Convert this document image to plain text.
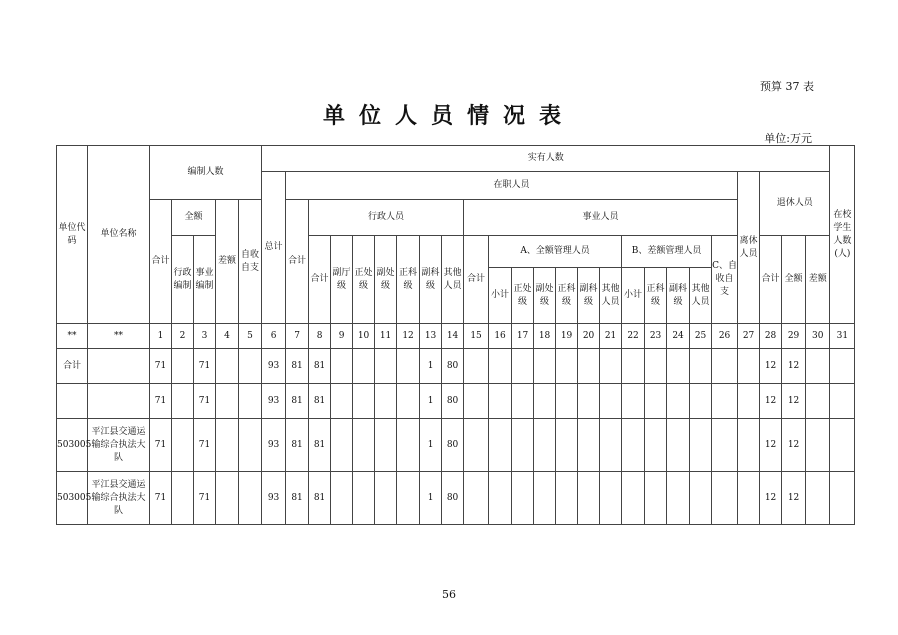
预算 37 表
单位人员情况表
单位:万元
单位代码	单位名称	编制人数					实有人数																									在校学生人数(人)
							总计	在职人员																				离休人员	退休人员			
		合计	全额		差额	自收自支		合计	行政人员							事业人员																
			行政编制	事业编制					合计	副厅级	正处级	副处级	正科级	副科级	其他人员	合计	A、全额管理人员						B、差额管理人员				C、自收自支		合计	全额	差额	
																	小计	正处级	副处级	正科级	副科级	其他人员	小计	正科级	副科级	其他人员						

**	**	1	2	3	4	5	6	7	8	9	10	11	12	13	14	15	16	17	18	19	20	21	22	23	24	25	26	27	28	29	30	31
合计		71		71			93	81	81					1	80														12	12		
		71		71			93	81	81					1	80														12	12		
503005	平江县交通运输综合执法大队	71		71			93	81	81					1	80														12	12		
503005	平江县交通运输综合执法大队	71		71			93	81	81					1	80														12	12		
56
